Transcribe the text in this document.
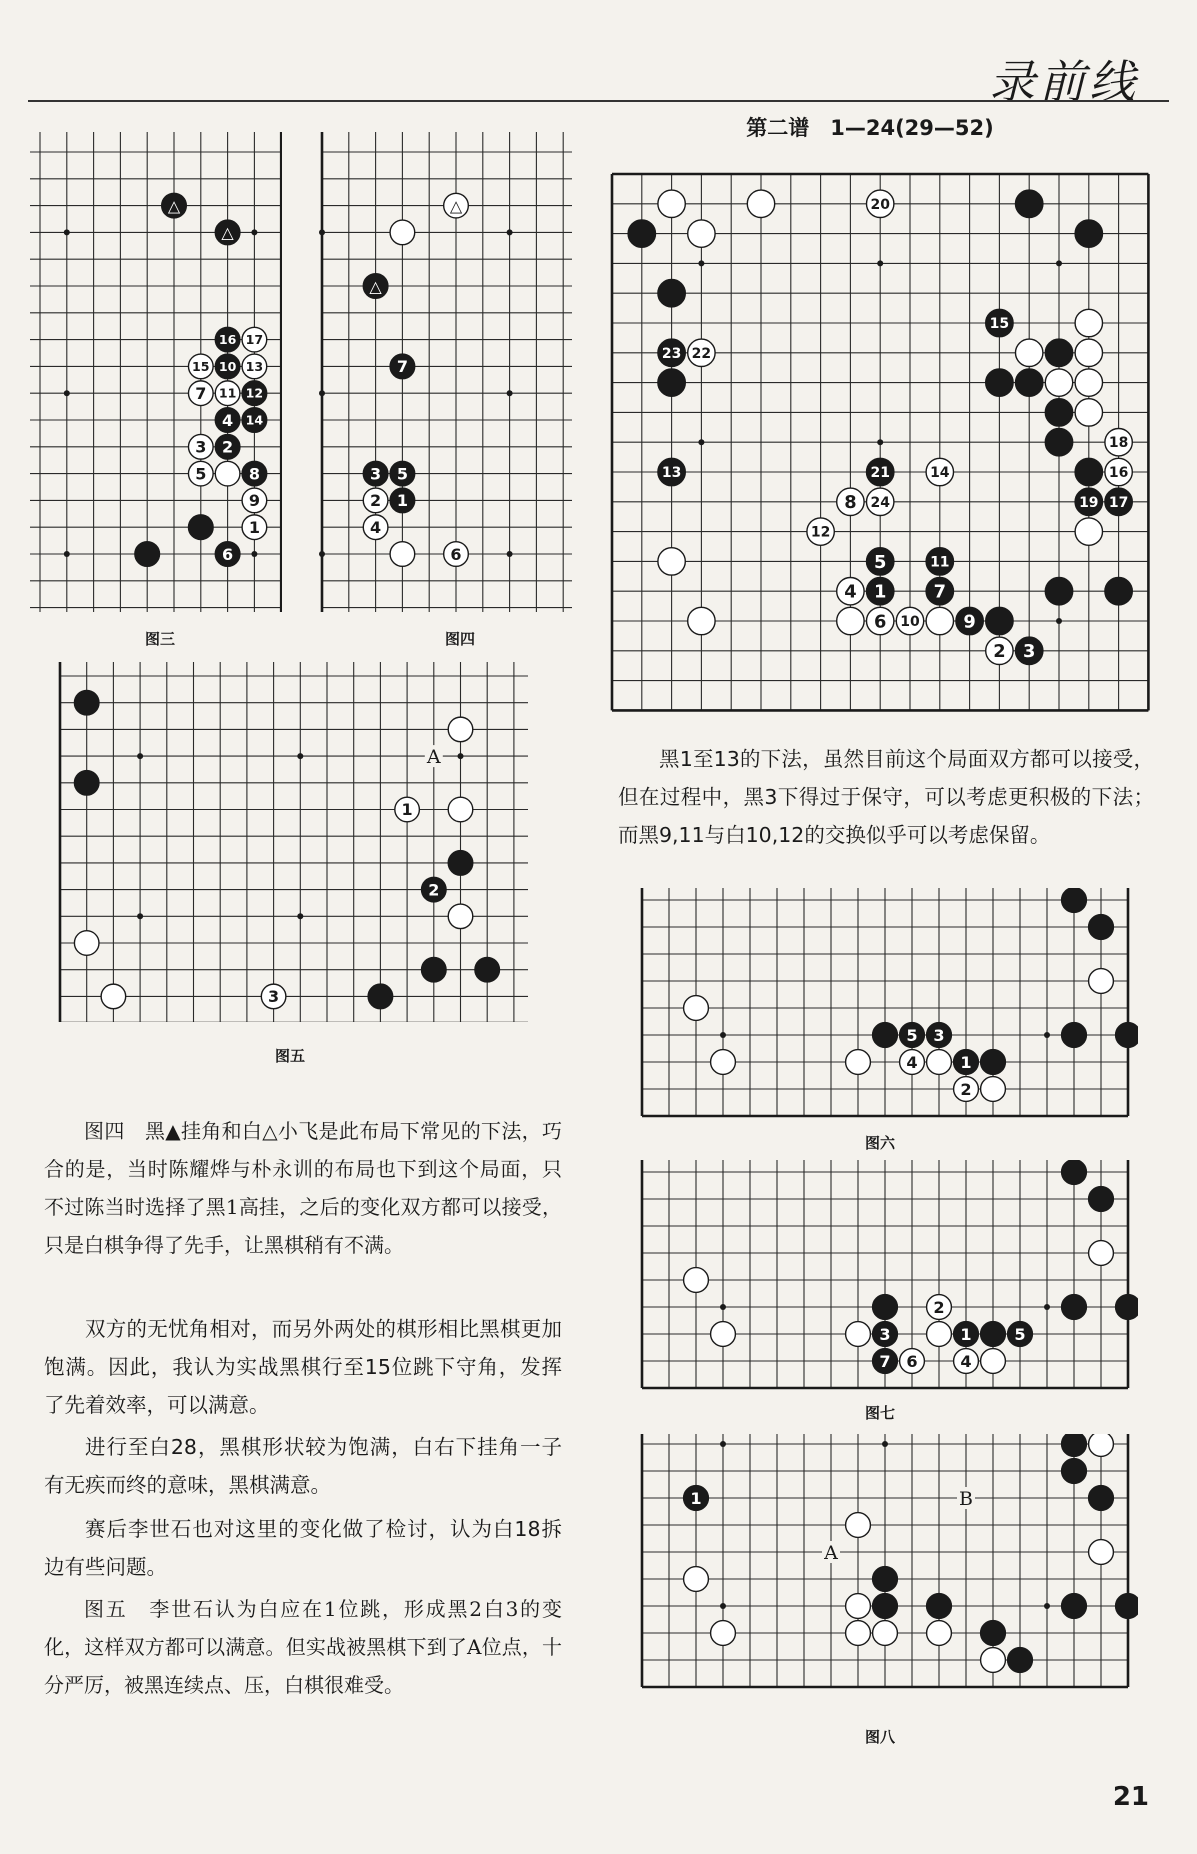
录前线
第二谱　1—24(29—52)
△
△
16 17
15 10 13
7 11 12
4 14
3 2
5	8
9
1
6
图三
△
△
7
3 5
2 1
4
6
图四
1
2
3
A
图五
20
15
23 22
18
13	21	14	16
8 24	19 17
12
5	11
4 1	7
6 10 9
2 3
5 3
4	1
2
图六
2
3	1	5
7 6	4
图七
1	B
A
图八

黑1至13的下法，虽然目前这个局面双方都可以接受，但在过程中，黑3下得过于保守，可以考虑更积极的下法；而黑9,11与白10,12的交换似乎可以考虑保留。

图四　黑▲挂角和白△小飞是此布局下常见的下法，巧合的是，当时陈耀烨与朴永训的布局也下到这个局面，只不过陈当时选择了黑1高挂，之后的变化双方都可以接受，只是白棋争得了先手，让黑棋稍有不满。

双方的无忧角相对，而另外两处的棋形相比黑棋更加饱满。因此，我认为实战黑棋行至15位跳下守角，发挥了先着效率，可以满意。

进行至白28，黑棋形状较为饱满，白右下挂角一子有无疾而终的意味，黑棋满意。

赛后李世石也对这里的变化做了检讨，认为白18拆边有些问题。

图五　李世石认为白应在1位跳，形成黑2白3的变化，这样双方都可以满意。但实战被黑棋下到了A位点，十分严厉，被黑连续点、压，白棋很难受。

21
